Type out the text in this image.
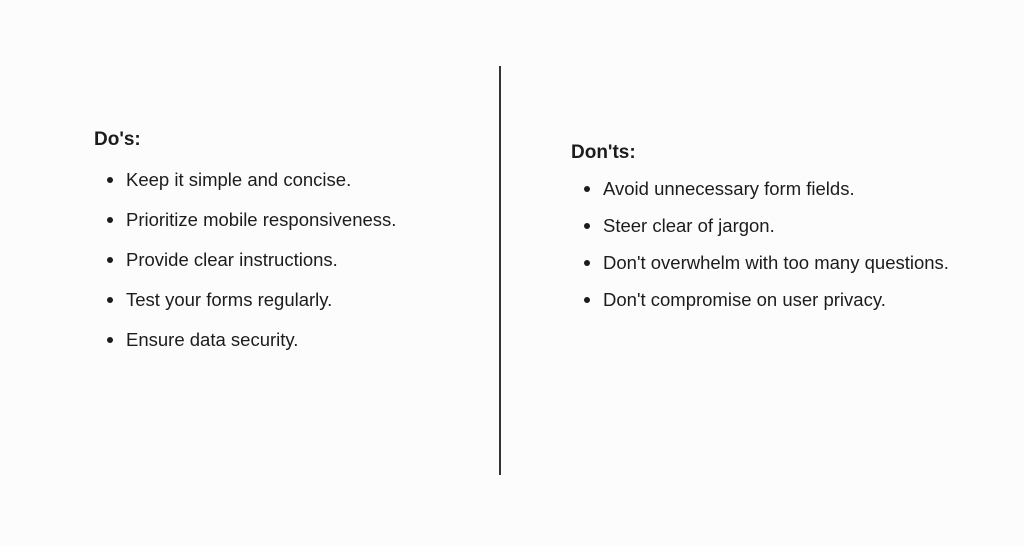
Do's:
Keep it simple and concise.
Prioritize mobile responsiveness.
Provide clear instructions.
Test your forms regularly.
Ensure data security.
Don'ts:
Avoid unnecessary form fields.
Steer clear of jargon.
Don't overwhelm with too many questions.
Don't compromise on user privacy.
